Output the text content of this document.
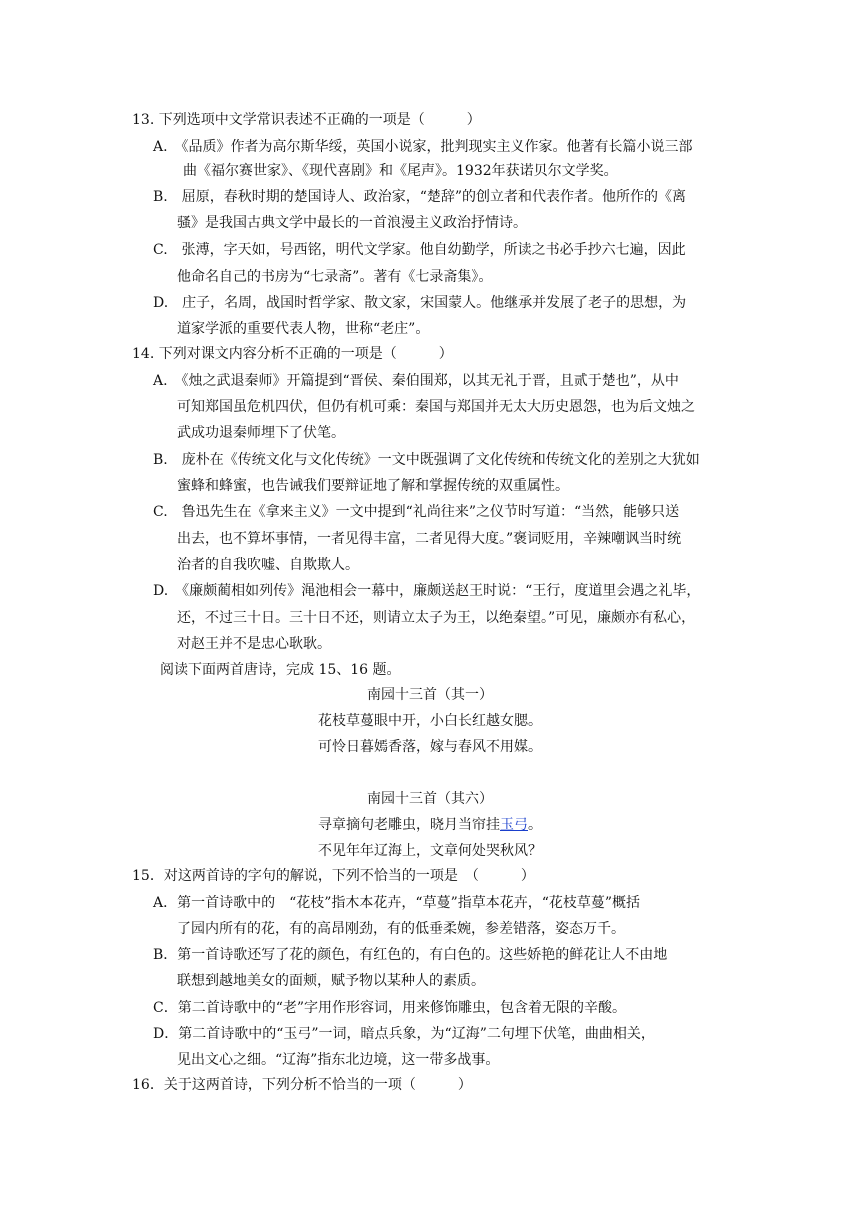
13. 下列选项中文学常识表述不正确的一项是（　　　）
A.　《品质》作者为高尔斯华绥，英国小说家，批判现实主义作家。他著有长篇小说三部
曲《福尔赛世家》、《现代喜剧》和《尾声》。1932年获诺贝尔文学奖。
B.　屈原，春秋时期的楚国诗人、政治家，“楚辞”的创立者和代表作者。他所作的《离
骚》是我国古典文学中最长的一首浪漫主义政治抒情诗。
C.　张溥，字天如，号西铭，明代文学家。他自幼勤学，所读之书必手抄六七遍，因此
他命名自己的书房为“七录斋”。著有《七录斋集》。
D.　庄子，名周，战国时哲学家、散文家，宋国蒙人。他继承并发展了老子的思想，为
道家学派的重要代表人物，世称“老庄”。
14. 下列对课文内容分析不正确的一项是（　　　）
A.　《烛之武退秦师》开篇提到“晋侯、秦伯围郑，以其无礼于晋，且贰于楚也”，从中
可知郑国虽危机四伏，但仍有机可乘：秦国与郑国并无太大历史恩怨，也为后文烛之
武成功退秦师埋下了伏笔。
B.　庞朴在《传统文化与文化传统》一文中既强调了文化传统和传统文化的差别之大犹如
蜜蜂和蜂蜜，也告诫我们要辩证地了解和掌握传统的双重属性。
C.　鲁迅先生在《拿来主义》一文中提到“礼尚往来”之仪节时写道：“当然，能够只送
出去，也不算坏事情，一者见得丰富，二者见得大度。”褒词贬用，辛辣嘲讽当时统
治者的自我吹嘘、自欺欺人。
D.　《廉颇蔺相如列传》渑池相会一幕中，廉颇送赵王时说：“王行，度道里会遇之礼毕，
还，不过三十日。三十日不还，则请立太子为王，以绝秦望。”可见，廉颇亦有私心，
对赵王并不是忠心耿耿。
阅读下面两首唐诗，完成 15、16 题。
南园十三首（其一）
花枝草蔓眼中开，小白长红越女腮。
可怜日暮嫣香落，嫁与春风不用媒。
南园十三首（其六）
寻章摘句老雕虫，晓月当帘挂玉弓。
不见年年辽海上，文章何处哭秋风？
15．对这两首诗的字句的解说，下列不恰当的一项是　（　　　）
A．第一首诗歌中的　“花枝”指木本花卉，“草蔓”指草本花卉，“花枝草蔓”概括
了园内所有的花，有的高昂刚劲，有的低垂柔婉，参差错落，姿态万千。
B．第一首诗歌还写了花的颜色，有红色的，有白色的。这些娇艳的鲜花让人不由地
联想到越地美女的面颊，赋予物以某种人的素质。
C．第二首诗歌中的“老”字用作形容词，用来修饰雕虫，包含着无限的辛酸。
D．第二首诗歌中的“玉弓”一词，暗点兵象，为“辽海”二句埋下伏笔，曲曲相关，
见出文心之细。“辽海”指东北边境，这一带多战事。
16．关于这两首诗，下列分析不恰当的一项（　　　）
